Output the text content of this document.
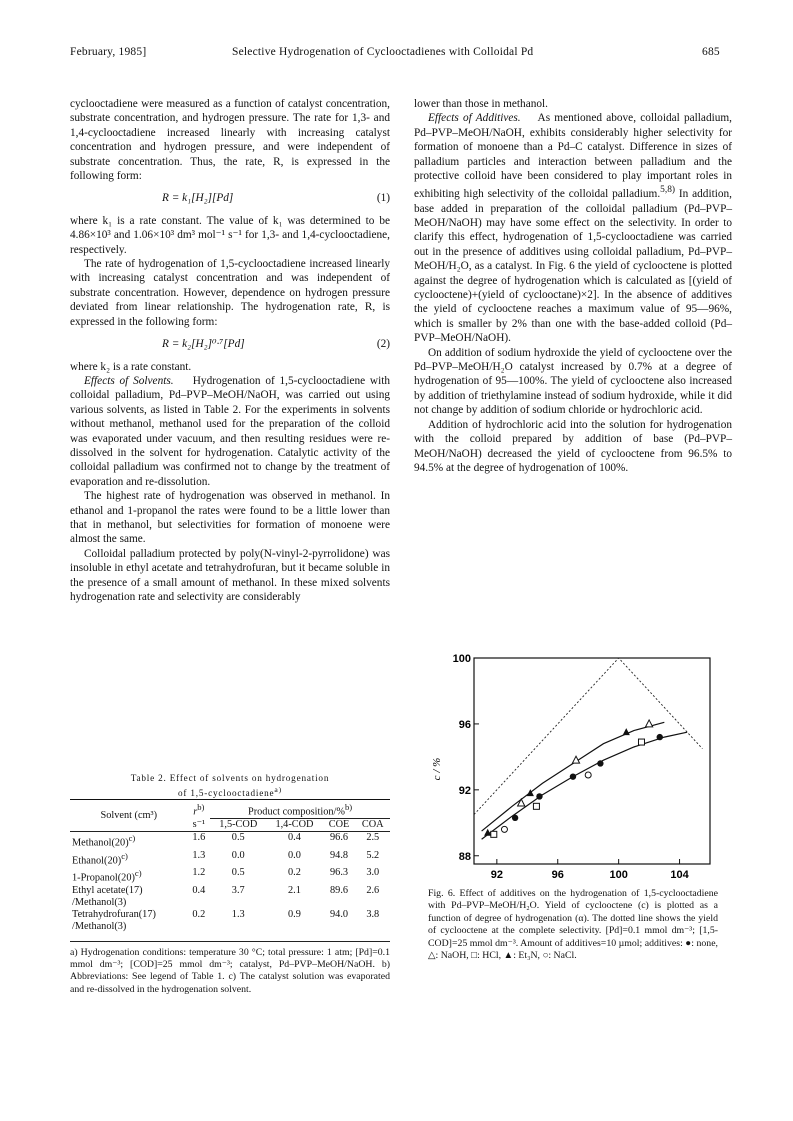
February, 1985]	Selective Hydrogenation of Cyclooctadienes with Colloidal Pd	685

cyclooctadiene were measured as a function of catalyst concentration, substrate concentration, and hydrogen pressure. The rate for 1,3- and 1,4-cyclooctadiene increased linearly with increasing catalyst concentration and hydrogen pressure, and were independent of substrate concentration. Thus, the rate, R, is expressed in the following form:

R = k₁[H₂][Pd]	(1)

where k₁ is a rate constant. The value of k₁ was determined to be 4.86×10³ and 1.06×10³ dm³ mol⁻¹ s⁻¹ for 1,3- and 1,4-cyclooctadiene, respectively.

The rate of hydrogenation of 1,5-cyclooctadiene increased linearly with increasing catalyst concentration and was independent of substrate concentration. However, dependence on hydrogen pressure deviated from linear relationship. The hydrogenation rate, R, is expressed in the following form:

R = k₂[H₂]⁰·⁷[Pd]	(2)

where k₂ is a rate constant.

Effects of Solvents. Hydrogenation of 1,5-cyclooctadiene with colloidal palladium, Pd–PVP–MeOH/NaOH, was carried out using various solvents, as listed in Table 2. For the experiments in solvents without methanol, methanol used for the preparation of the colloid was evaporated under vacuum, and then resulting residues were re-dissolved in the solvent for hydrogenation. Catalytic activity of the colloidal palladium was confirmed not to change by the treatment of evaporation and re-dissolution.

The highest rate of hydrogenation was observed in methanol. In ethanol and 1-propanol the rates were found to be a little lower than that in methanol, but selectivities for formation of monoene were almost the same.

Colloidal palladium protected by poly(N-vinyl-2-pyrrolidone) was insoluble in ethyl acetate and tetrahydrofuran, but it became soluble in the presence of a small amount of methanol. In these mixed solvents hydrogenation rate and selectivity are considerably

Table 2. Effect of solvents on hydrogenation
of 1,5-cyclooctadiene$^{a)}$
Solvent (cm³)	$r^{b)}$	Product composition/%$^{b)}$
	s⁻¹	1,5-COD	1,4-COD	COE	COA
$Methanol(20)^{c)}$	1.6	0.5	0.4	96.6	2.5
$Ethanol(20)^{c)}$	1.3	0.0	0.0	94.8	5.2
$1-Propanol(20)^{c)}$	1.2	0.5	0.2	96.3	3.0
Ethyl acetate(17)	0.4	3.7	2.1	89.6	2.6
/Methanol(3)					
Tetrahydrofuran(17)	0.2	1.3	0.9	94.0	3.8
/Methanol(3)					
a) Hydrogenation conditions: temperature 30 °C; total pressure: 1 atm; [Pd]=0.1 mmol dm⁻³; [COD]=25 mmol dm⁻³; catalyst, Pd–PVP–MeOH/NaOH. b) Abbreviations: See legend of Table 1. c) The catalyst solution was evaporated and re-dissolved in the hydrogenation solvent.

lower than those in methanol.

Effects of Additives. As mentioned above, colloidal palladium, Pd–PVP–MeOH/NaOH, exhibits considerably higher selectivity for formation of monoene than a Pd–C catalyst. Difference in sizes of palladium particles and interaction between palladium and the protective colloid have been considered to play important roles in exhibiting high selectivity of the colloidal palladium.$^{5,8)}$ In addition, base added in preparation of the colloidal palladium (Pd–PVP–MeOH/NaOH) may have some effect on the selectivity. In order to clarify this effect, hydrogenation of 1,5-cyclooctadiene was carried out in the presence of additives using colloidal palladium, Pd–PVP–MeOH/H₂O, as a catalyst. In Fig. 6 the yield of cyclooctene is plotted against the degree of hydrogenation which is calculated as [(yield of cyclooctene)+(yield of cyclooctane)×2]. In the absence of additives the yield of cyclooctene reaches a maximum value of 95—96%, which is smaller by 2% than one with the base-added colloid (Pd–PVP–MeOH/NaOH).

On addition of sodium hydroxide the yield of cyclooctene over the Pd–PVP–MeOH/H₂O catalyst increased by 0.7% at a degree of hydrogenation of 95—100%. The yield of cyclooctene also increased by addition of triethylamine instead of sodium hydroxide, while it did not change by addition of sodium chloride or hydrochloric acid.

Addition of hydrochloric acid into the solution for hydrogenation with the colloid prepared by addition of base (Pd–PVP–MeOH/NaOH) decreased the yield of cyclooctene from 96.5% to 94.5% at the degree of hydrogenation of 100%.

92	96	100	104
88
92
96
100
c / %
Fig. 6. Effect of additives on the hydrogenation of 1,5-cyclooctadiene with Pd–PVP–MeOH/H₂O. Yield of cyclooctene (c) is plotted as a function of degree of hydrogenation (α). The dotted line shows the yield of cyclooctene at the complete selectivity. [Pd]=0.1 mmol dm⁻³; [1,5-COD]=25 mmol dm⁻³. Amount of additives=10 µmol; additives: ●: none, △: NaOH, □: HCl, ▲: Et₃N, ○: NaCl.
